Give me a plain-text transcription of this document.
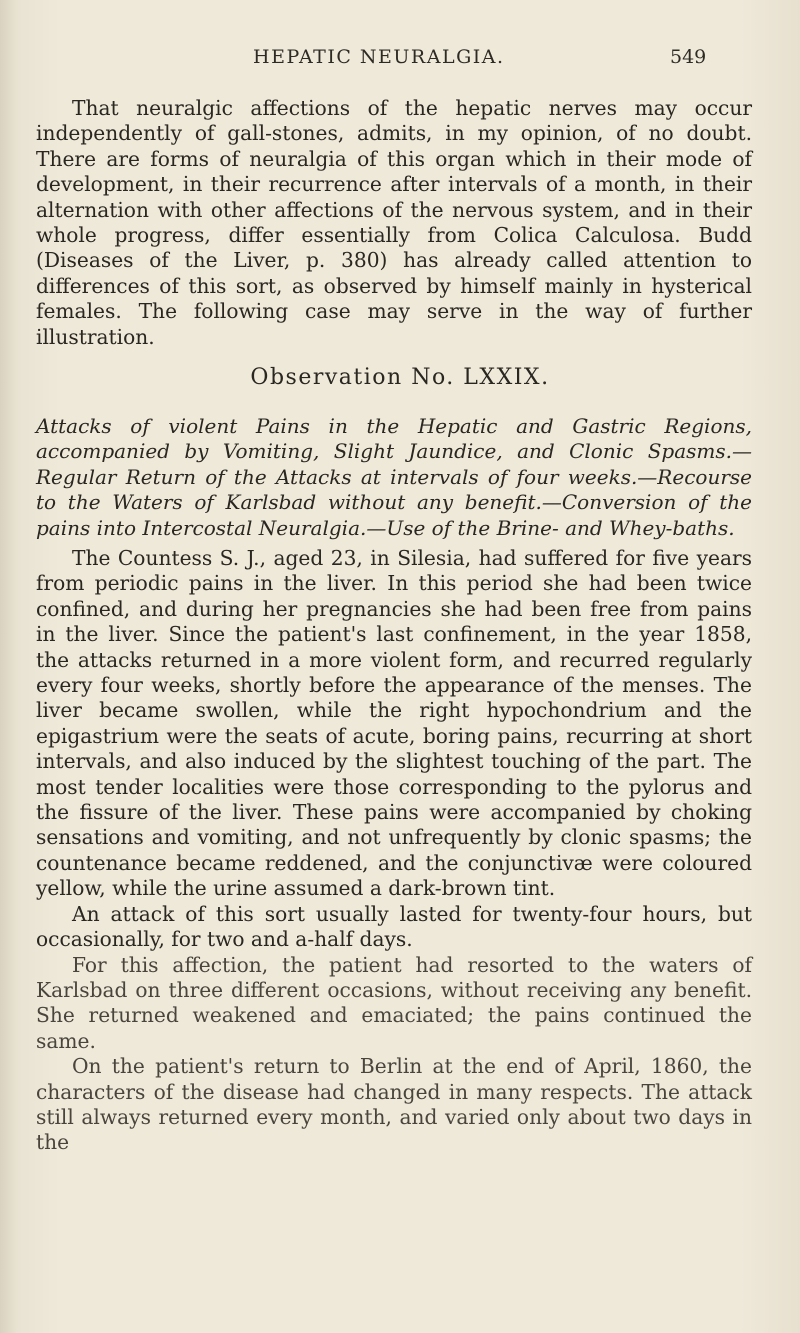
HEPATIC NEURALGIA.	549

That neuralgic affections of the hepatic nerves may occur independently of gall-stones, admits, in my opinion, of no doubt. There are forms of neuralgia of this organ which in their mode of development, in their recurrence after intervals of a month, in their alternation with other affections of the nervous system, and in their whole progress, differ essentially from Colica Calculosa. Budd (Diseases of the Liver, p. 380) has already called attention to differences of this sort, as observed by himself mainly in hysterical females. The following case may serve in the way of further illustration.

Observation No. LXXIX.

Attacks of violent Pains in the Hepatic and Gastric Regions, accompanied by Vomiting, Slight Jaundice, and Clonic Spasms.—Regular Return of the Attacks at intervals of four weeks.—Recourse to the Waters of Karlsbad without any benefit.—Conversion of the pains into Intercostal Neuralgia.—Use of the Brine- and Whey-baths.

The Countess S. J., aged 23, in Silesia, had suffered for five years from periodic pains in the liver. In this period she had been twice confined, and during her pregnancies she had been free from pains in the liver. Since the patient's last confinement, in the year 1858, the attacks returned in a more violent form, and recurred regularly every four weeks, shortly before the appearance of the menses. The liver became swollen, while the right hypochondrium and the epigastrium were the seats of acute, boring pains, recurring at short intervals, and also induced by the slightest touching of the part. The most tender localities were those corresponding to the pylorus and the fissure of the liver. These pains were accompanied by choking sensations and vomiting, and not unfrequently by clonic spasms; the countenance became reddened, and the conjunctivæ were coloured yellow, while the urine assumed a dark-brown tint.

An attack of this sort usually lasted for twenty-four hours, but occasionally, for two and a-half days.

For this affection, the patient had resorted to the waters of Karlsbad on three different occasions, without receiving any benefit. She returned weakened and emaciated; the pains continued the same.

On the patient's return to Berlin at the end of April, 1860, the characters of the disease had changed in many respects. The attack still always returned every month, and varied only about two days in the
